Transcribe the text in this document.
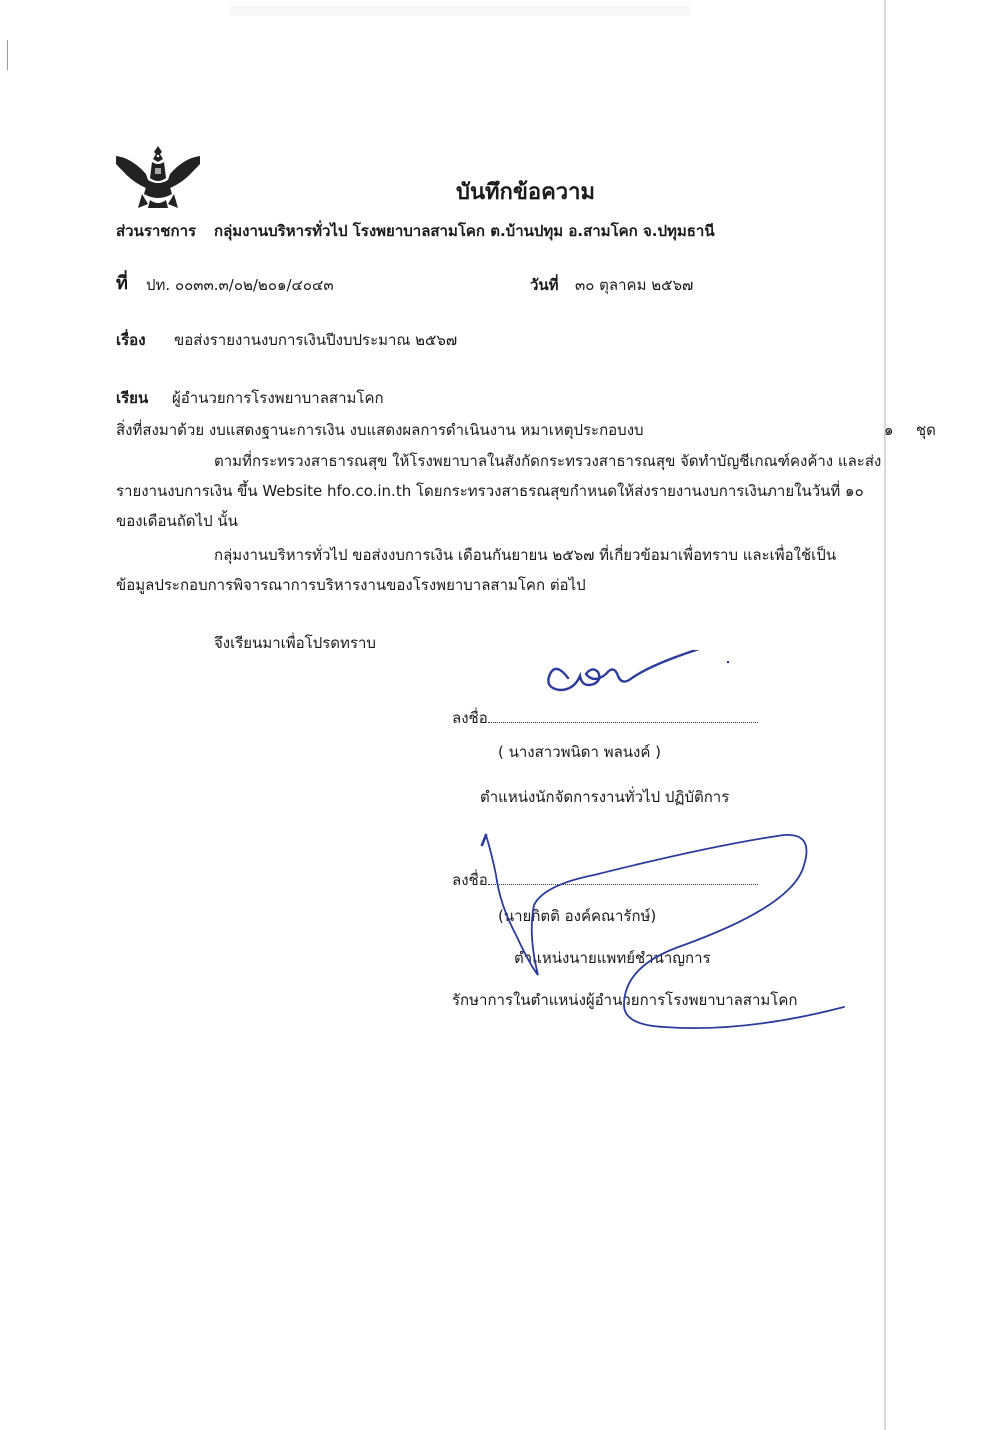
บันทึกข้อความ
ส่วนราชการ กลุ่มงานบริหารทั่วไป โรงพยาบาลสามโคก ต.บ้านปทุม อ.สามโคก จ.ปทุมธานี
ที่ ปท. ๐๐๓๓.๓/๐๒/๒๐๑/๔๐๔๓	วันที่ ๓๐ ตุลาคม ๒๕๖๗
เรื่อง ขอส่งรายงานงบการเงินปีงบประมาณ ๒๕๖๗
เรียน ผู้อำนวยการโรงพยาบาลสามโคก
สิ่งที่สงมาด้วย งบแสดงฐานะการเงิน งบแสดงผลการดำเนินงาน หมาเหตุประกอบงบ	๑ ชุด
ตามที่กระทรวงสาธารณสุข ให้โรงพยาบาลในสังกัดกระทรวงสาธารณสุข จัดทำบัญชีเกณฑ์คงค้าง และส่ง
รายงานงบการเงิน ขึ้น Website hfo.co.in.th โดยกระทรวงสาธรณสุขกำหนดให้ส่งรายงานงบการเงินภายในวันที่ ๑๐
ของเดือนถัดไป นั้น
กลุ่มงานบริหารทั่วไป ขอส่งงบการเงิน เดือนกันยายน ๒๕๖๗ ที่เกี่ยวข้อมาเพื่อทราบ และเพื่อใช้เป็น
ข้อมูลประกอบการพิจารณาการบริหารงานของโรงพยาบาลสามโคก ต่อไป
จึงเรียนมาเพื่อโปรดทราบ
ลงชื่อ
( นางสาวพนิดา พลนงค์ )
ตำแหน่งนักจัดการงานทั่วไป ปฏิบัติการ
ลงชื่อ
(นายกิตติ องค์คณารักษ์)
ตำแหน่งนายแพทย์ชำนาญการ
รักษาการในตำแหน่งผู้อำนวยการโรงพยาบาลสามโคก
